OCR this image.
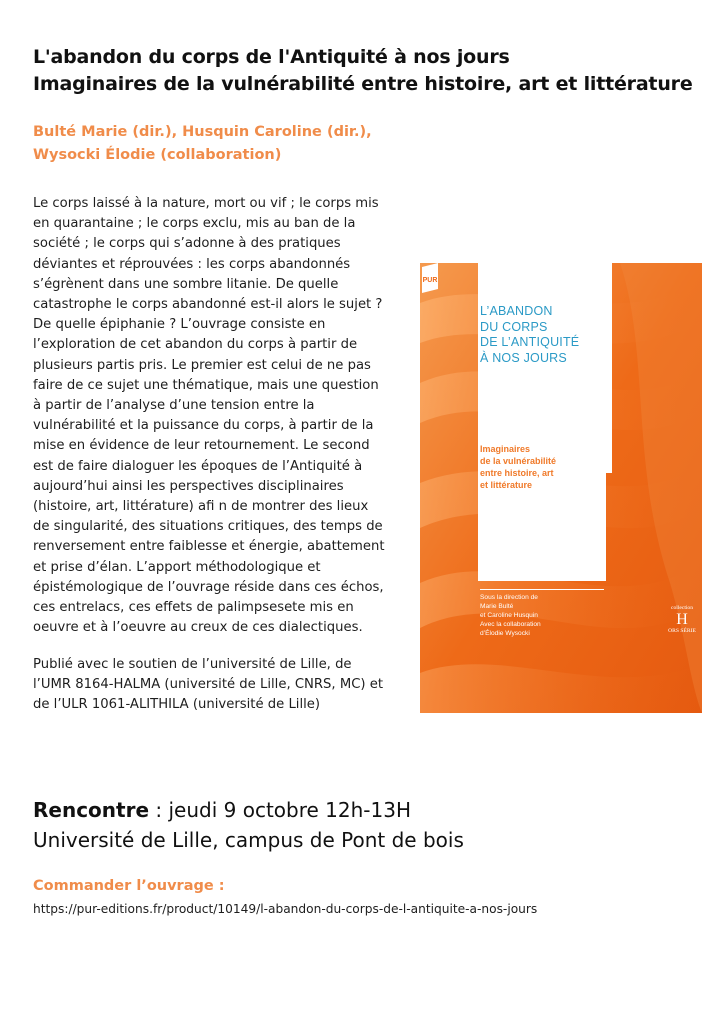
L'abandon du corps de l'Antiquité à nos jours
Imaginaires de la vulnérabilité entre histoire, art et littérature
Bulté Marie (dir.), Husquin Caroline (dir.),
Wysocki Élodie (collaboration)
Le corps laissé à la nature, mort ou vif ; le corps mis
en quarantaine ; le corps exclu, mis au ban de la
société ; le corps qui s’adonne à des pratiques
déviantes et réprouvées : les corps abandonnés
s’égrènent dans une sombre litanie. De quelle
catastrophe le corps abandonné est-il alors le sujet ?
De quelle épiphanie ? L’ouvrage consiste en
l’exploration de cet abandon du corps à partir de
plusieurs partis pris. Le premier est celui de ne pas
faire de ce sujet une thématique, mais une question
à partir de l’analyse d’une tension entre la
vulnérabilité et la puissance du corps, à partir de la
mise en évidence de leur retournement. Le second
est de faire dialoguer les époques de l’Antiquité à
aujourd’hui ainsi les perspectives disciplinaires
(histoire, art, littérature) afi n de montrer des lieux
de singularité, des situations critiques, des temps de
renversement entre faiblesse et énergie, abattement
et prise d’élan. L’apport méthodologique et
épistémologique de l’ouvrage réside dans ces échos,
ces entrelacs, ces effets de palimpsesete mis en
oeuvre et à l’oeuvre au creux de ces dialectiques.
Publié avec le soutien de l’université de Lille, de
l’UMR 8164-HALMA (université de Lille, CNRS, MC) et
de l’ULR 1061-ALITHILA (université de Lille)
L’ABANDON
DU CORPS
DE L’ANTIQUITÉ
À NOS JOURS
Imaginaires
de la vulnérabilité
entre histoire, art
et littérature
Sous la direction de
Marie Bulté
et Caroline Husquin
Avec la collaboration
d’Élodie Wysocki
collection
H
ORS SÉRIE
PUR
Rencontre : jeudi 9 octobre 12h-13H
Université de Lille, campus de Pont de bois
Commander l’ouvrage :
https://pur-editions.fr/product/10149/l-abandon-du-corps-de-l-antiquite-a-nos-jours
